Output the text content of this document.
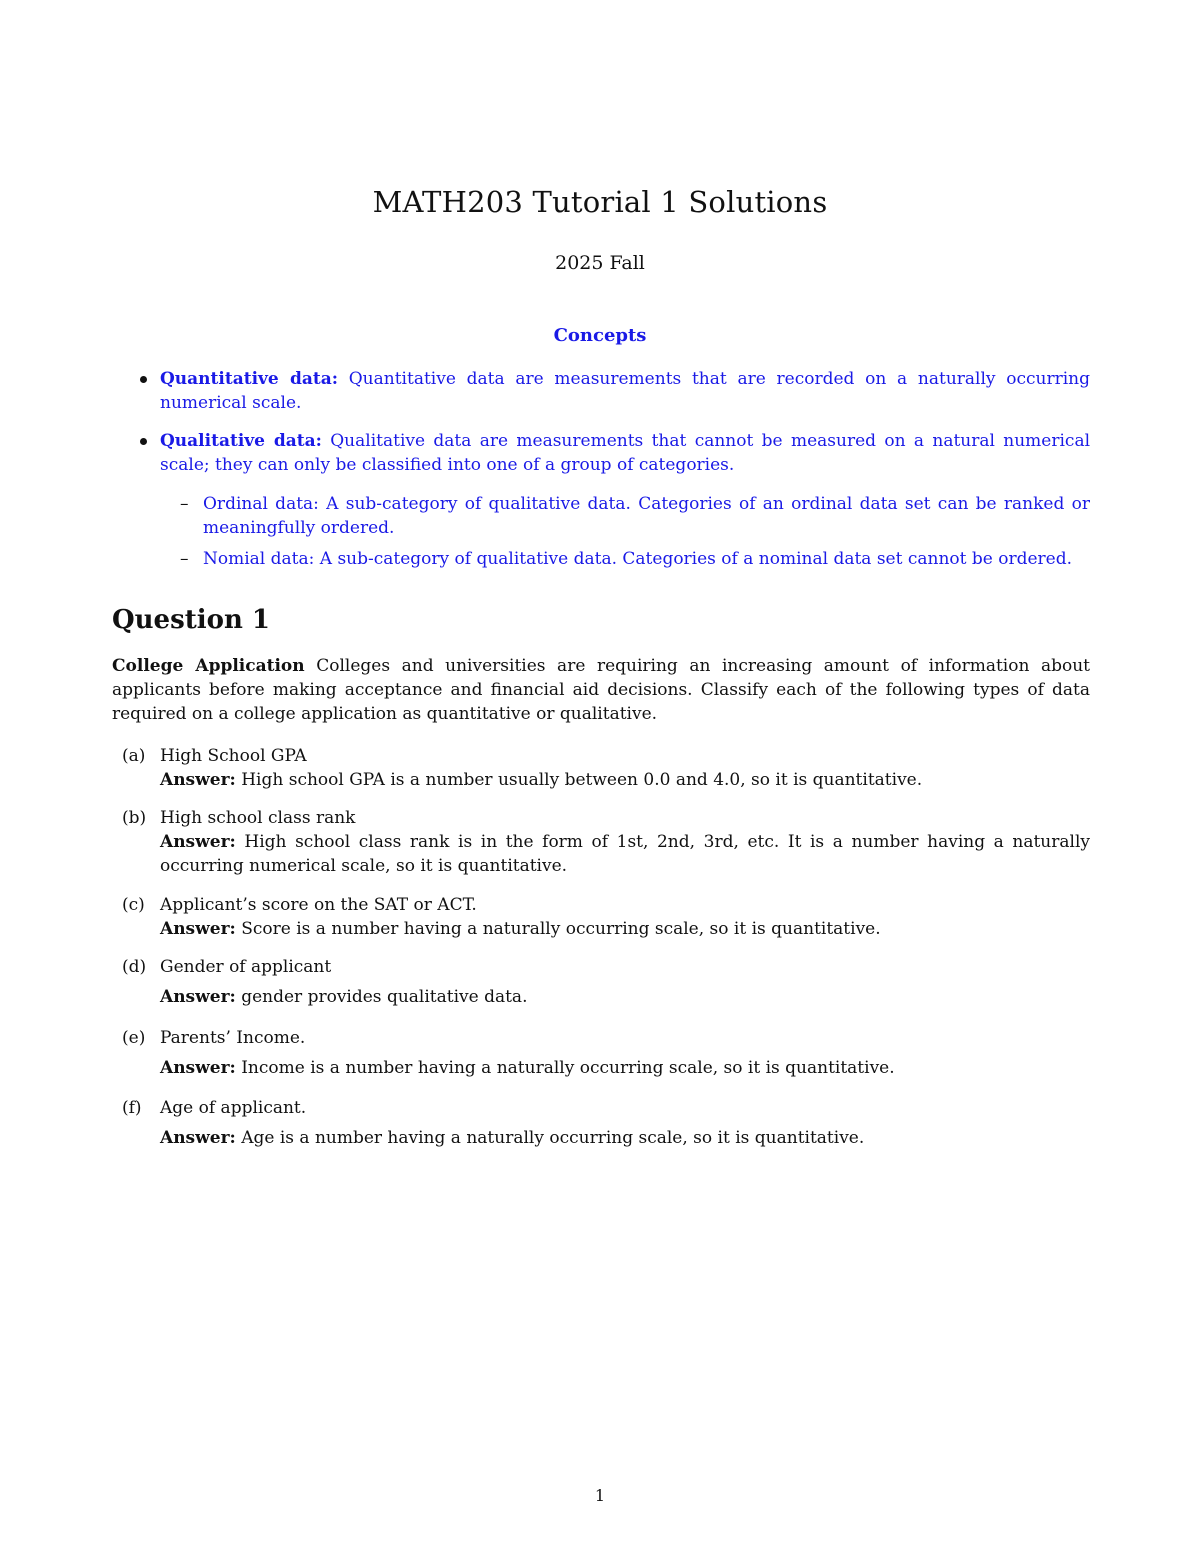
MATH203 Tutorial 1 Solutions
2025 Fall
Concepts
Quantitative data: Quantitative data are measurements that are recorded on a naturally occurring numerical scale.
Qualitative data: Qualitative data are measurements that cannot be measured on a natural numerical scale; they can only be classified into one of a group of categories.
– Ordinal data: A sub-category of qualitative data. Categories of an ordinal data set can be ranked or meaningfully ordered.
– Nomial data: A sub-category of qualitative data. Categories of a nominal data set cannot be ordered.
Question 1
College Application Colleges and universities are requiring an increasing amount of information about applicants before making acceptance and financial aid decisions. Classify each of the following types of data required on a college application as quantitative or qualitative.
(a) High School GPA
Answer: High school GPA is a number usually between 0.0 and 4.0, so it is quantitative.
(b) High school class rank
Answer: High school class rank is in the form of 1st, 2nd, 3rd, etc. It is a number having a naturally occurring numerical scale, so it is quantitative.
(c) Applicant’s score on the SAT or ACT.
Answer: Score is a number having a naturally occurring scale, so it is quantitative.
(d) Gender of applicant
Answer: gender provides qualitative data.
(e) Parents’ Income.
Answer: Income is a number having a naturally occurring scale, so it is quantitative.
(f)	Age of applicant.
Answer: Age is a number having a naturally occurring scale, so it is quantitative.
1
